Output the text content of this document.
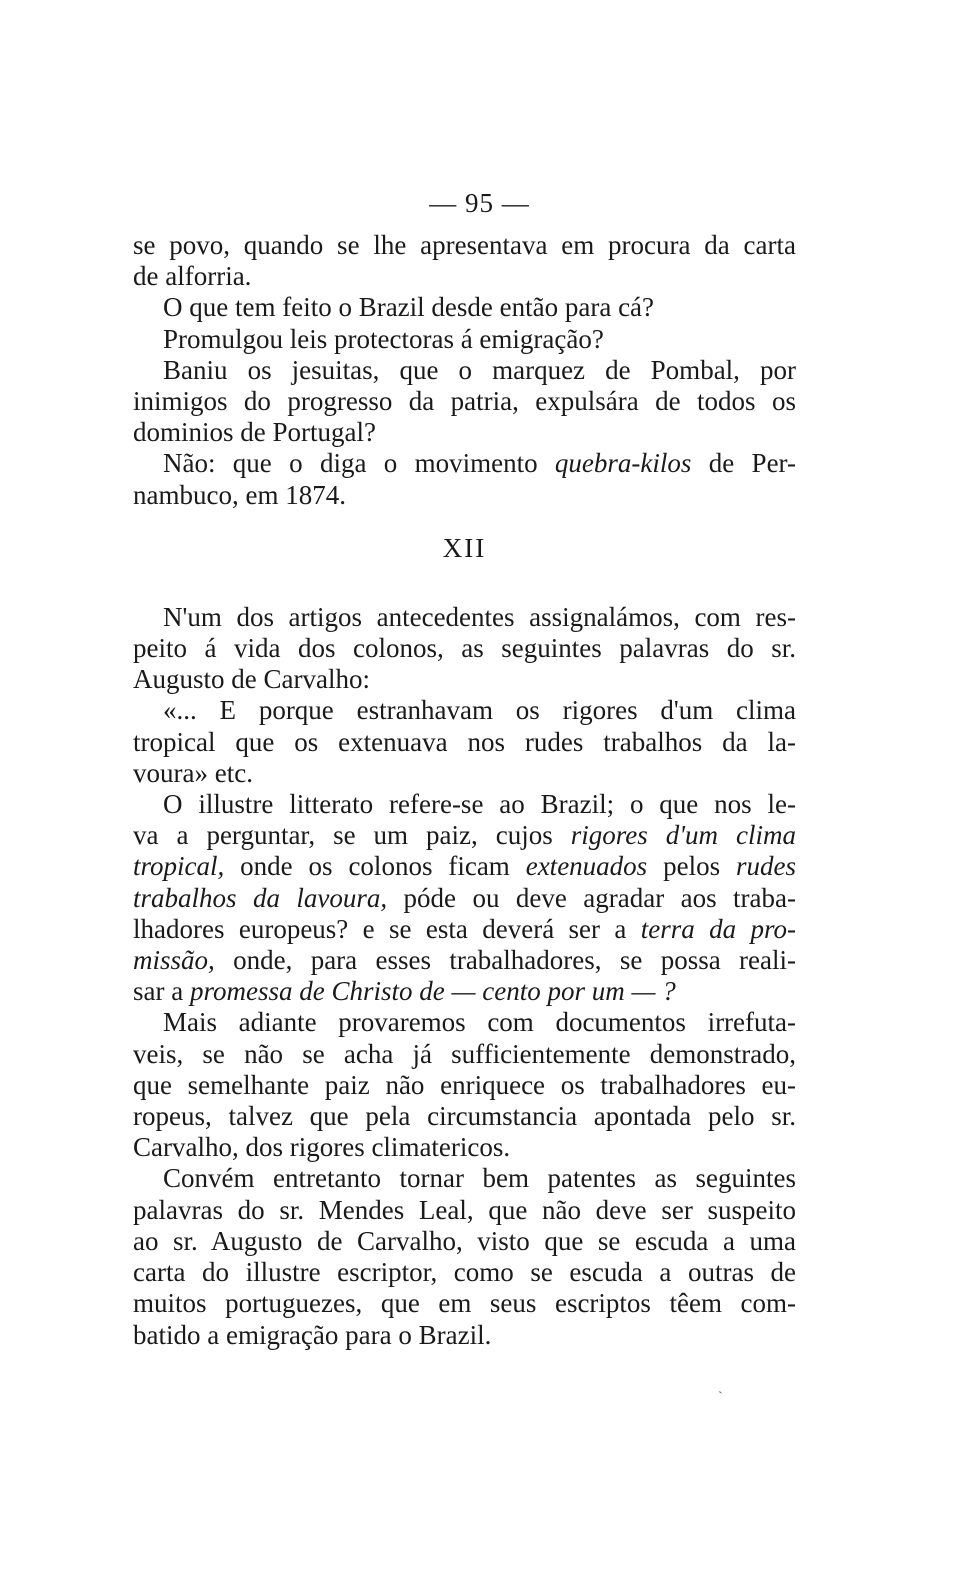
— 95 —
se povo, quando se lhe apresentava em procura da carta
de alforria.
O que tem feito o Brazil desde então para cá?
Promulgou leis protectoras á emigração?
Baniu os jesuitas, que o marquez de Pombal, por
inimigos do progresso da patria, expulsára de todos os
dominios de Portugal?
Não: que o diga o movimento quebra-kilos de Per-
nambuco, em 1874.
XII
N'um dos artigos antecedentes assignalámos, com res-
peito á vida dos colonos, as seguintes palavras do sr.
Augusto de Carvalho:
«... E porque estranhavam os rigores d'um clima
tropical que os extenuava nos rudes trabalhos da la-
voura» etc.
O illustre litterato refere-se ao Brazil; o que nos le-
va a perguntar, se um paiz, cujos rigores d'um clima
tropical, onde os colonos ficam extenuados pelos rudes
trabalhos da lavoura, póde ou deve agradar aos traba-
lhadores europeus? e se esta deverá ser a terra da pro-
missão, onde, para esses trabalhadores, se possa reali-
sar a promessa de Christo de — cento por um — ?
Mais adiante provaremos com documentos irrefuta-
veis, se não se acha já sufficientemente demonstrado,
que semelhante paiz não enriquece os trabalhadores eu-
ropeus, talvez que pela circumstancia apontada pelo sr.
Carvalho, dos rigores climatericos.
Convém entretanto tornar bem patentes as seguintes
palavras do sr. Mendes Leal, que não deve ser suspeito
ao sr. Augusto de Carvalho, visto que se escuda a uma
carta do illustre escriptor, como se escuda a outras de
muitos portuguezes, que em seus escriptos têem com-
batido a emigração para o Brazil.
`
